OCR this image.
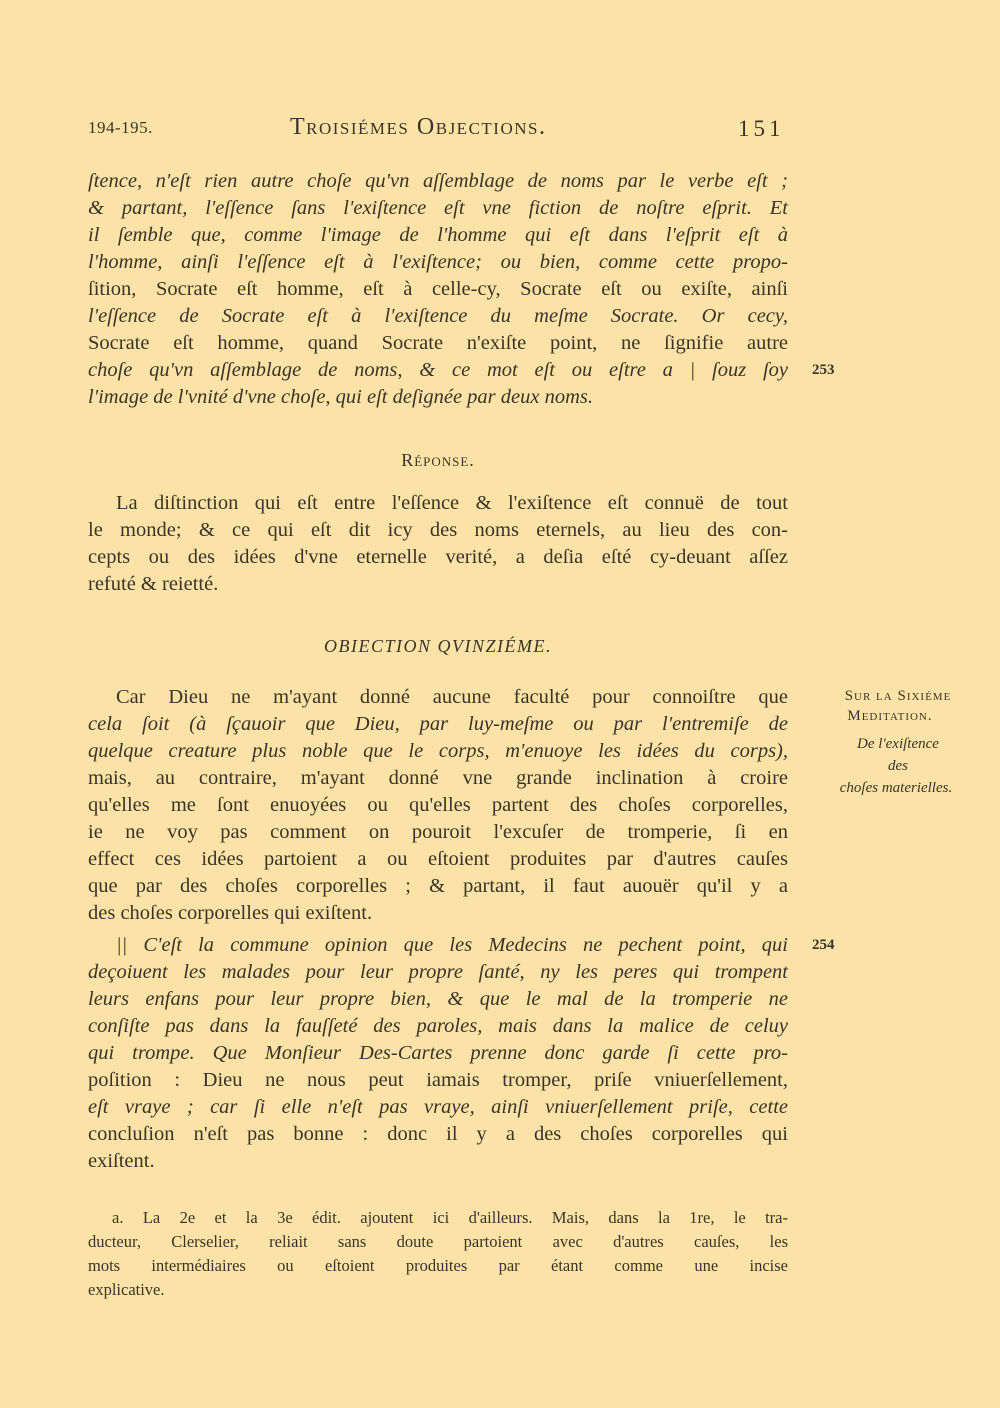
194-195.	Troisiémes Objections.	151
ſtence, n'eſt rien autre choſe qu'vn aſſemblage de noms par le verbe eſt ;
& partant, l'eſſence ſans l'exiſtence eſt vne fiction de noſtre eſprit. Et
il ſemble que, comme l'image de l'homme qui eſt dans l'eſprit eſt à
l'homme, ainſi l'eſſence eſt à l'exiſtence; ou bien, comme cette propo-
ſition, Socrate eſt homme, eſt à celle-cy, Socrate eſt ou exiſte, ainſi
l'eſſence de Socrate eſt à l'exiſtence du meſme Socrate. Or cecy,
Socrate eſt homme, quand Socrate n'exiſte point, ne ſignifie autre
choſe qu'vn aſſemblage de noms, & ce mot eſt ou eſtre a | ſouz ſoy
l'image de l'vnité d'vne choſe, qui eſt deſignée par deux noms.
253
Réponse.
La diſtinction qui eſt entre l'eſſence & l'exiſtence eſt connuë de tout
le monde; & ce qui eſt dit icy des noms eternels, au lieu des con-
cepts ou des idées d'vne eternelle verité, a deſia eſté cy-deuant aſſez
refuté & reietté.
OBIECTION QVINZIÉME.
Car Dieu ne m'ayant donné aucune faculté pour connoiſtre que
cela ſoit (à ſçauoir que Dieu, par luy-meſme ou par l'entremiſe de
quelque creature plus noble que le corps, m'enuoye les idées du corps),
mais, au contraire, m'ayant donné vne grande inclination à croire
qu'elles me ſont enuoyées ou qu'elles partent des choſes corporelles,
ie ne voy pas comment on pouroit l'excuſer de tromperie, ſi en
effect ces idées partoient a ou eſtoient produites par d'autres cauſes
que par des choſes corporelles ; & partant, il faut auouër qu'il y a
des choſes corporelles qui exiſtent.
|| C'eſt la commune opinion que les Medecins ne pechent point, qui
deçoiuent les malades pour leur propre ſanté, ny les peres qui trompent
leurs enfans pour leur propre bien, & que le mal de la tromperie ne
conſiſte pas dans la fauſſeté des paroles, mais dans la malice de celuy
qui trompe. Que Monſieur Des-Cartes prenne donc garde ſi cette pro-
poſition : Dieu ne nous peut iamais tromper, priſe vniuerſellement,
eſt vraye ; car ſi elle n'eſt pas vraye, ainſi vniuerſellement priſe, cette
concluſion n'eſt pas bonne : donc il y a des choſes corporelles qui
exiſtent.
254
Sur la Sixiéme
Meditation.
De l'exiſtence
des
choſes materielles.
a. La 2e et la 3e édit. ajoutent ici d'ailleurs. Mais, dans la 1re, le tra-
ducteur, Clerselier, reliait sans doute partoient avec d'autres cauſes, les
mots intermédiaires ou eſtoient produites par étant comme une incise
explicative.
